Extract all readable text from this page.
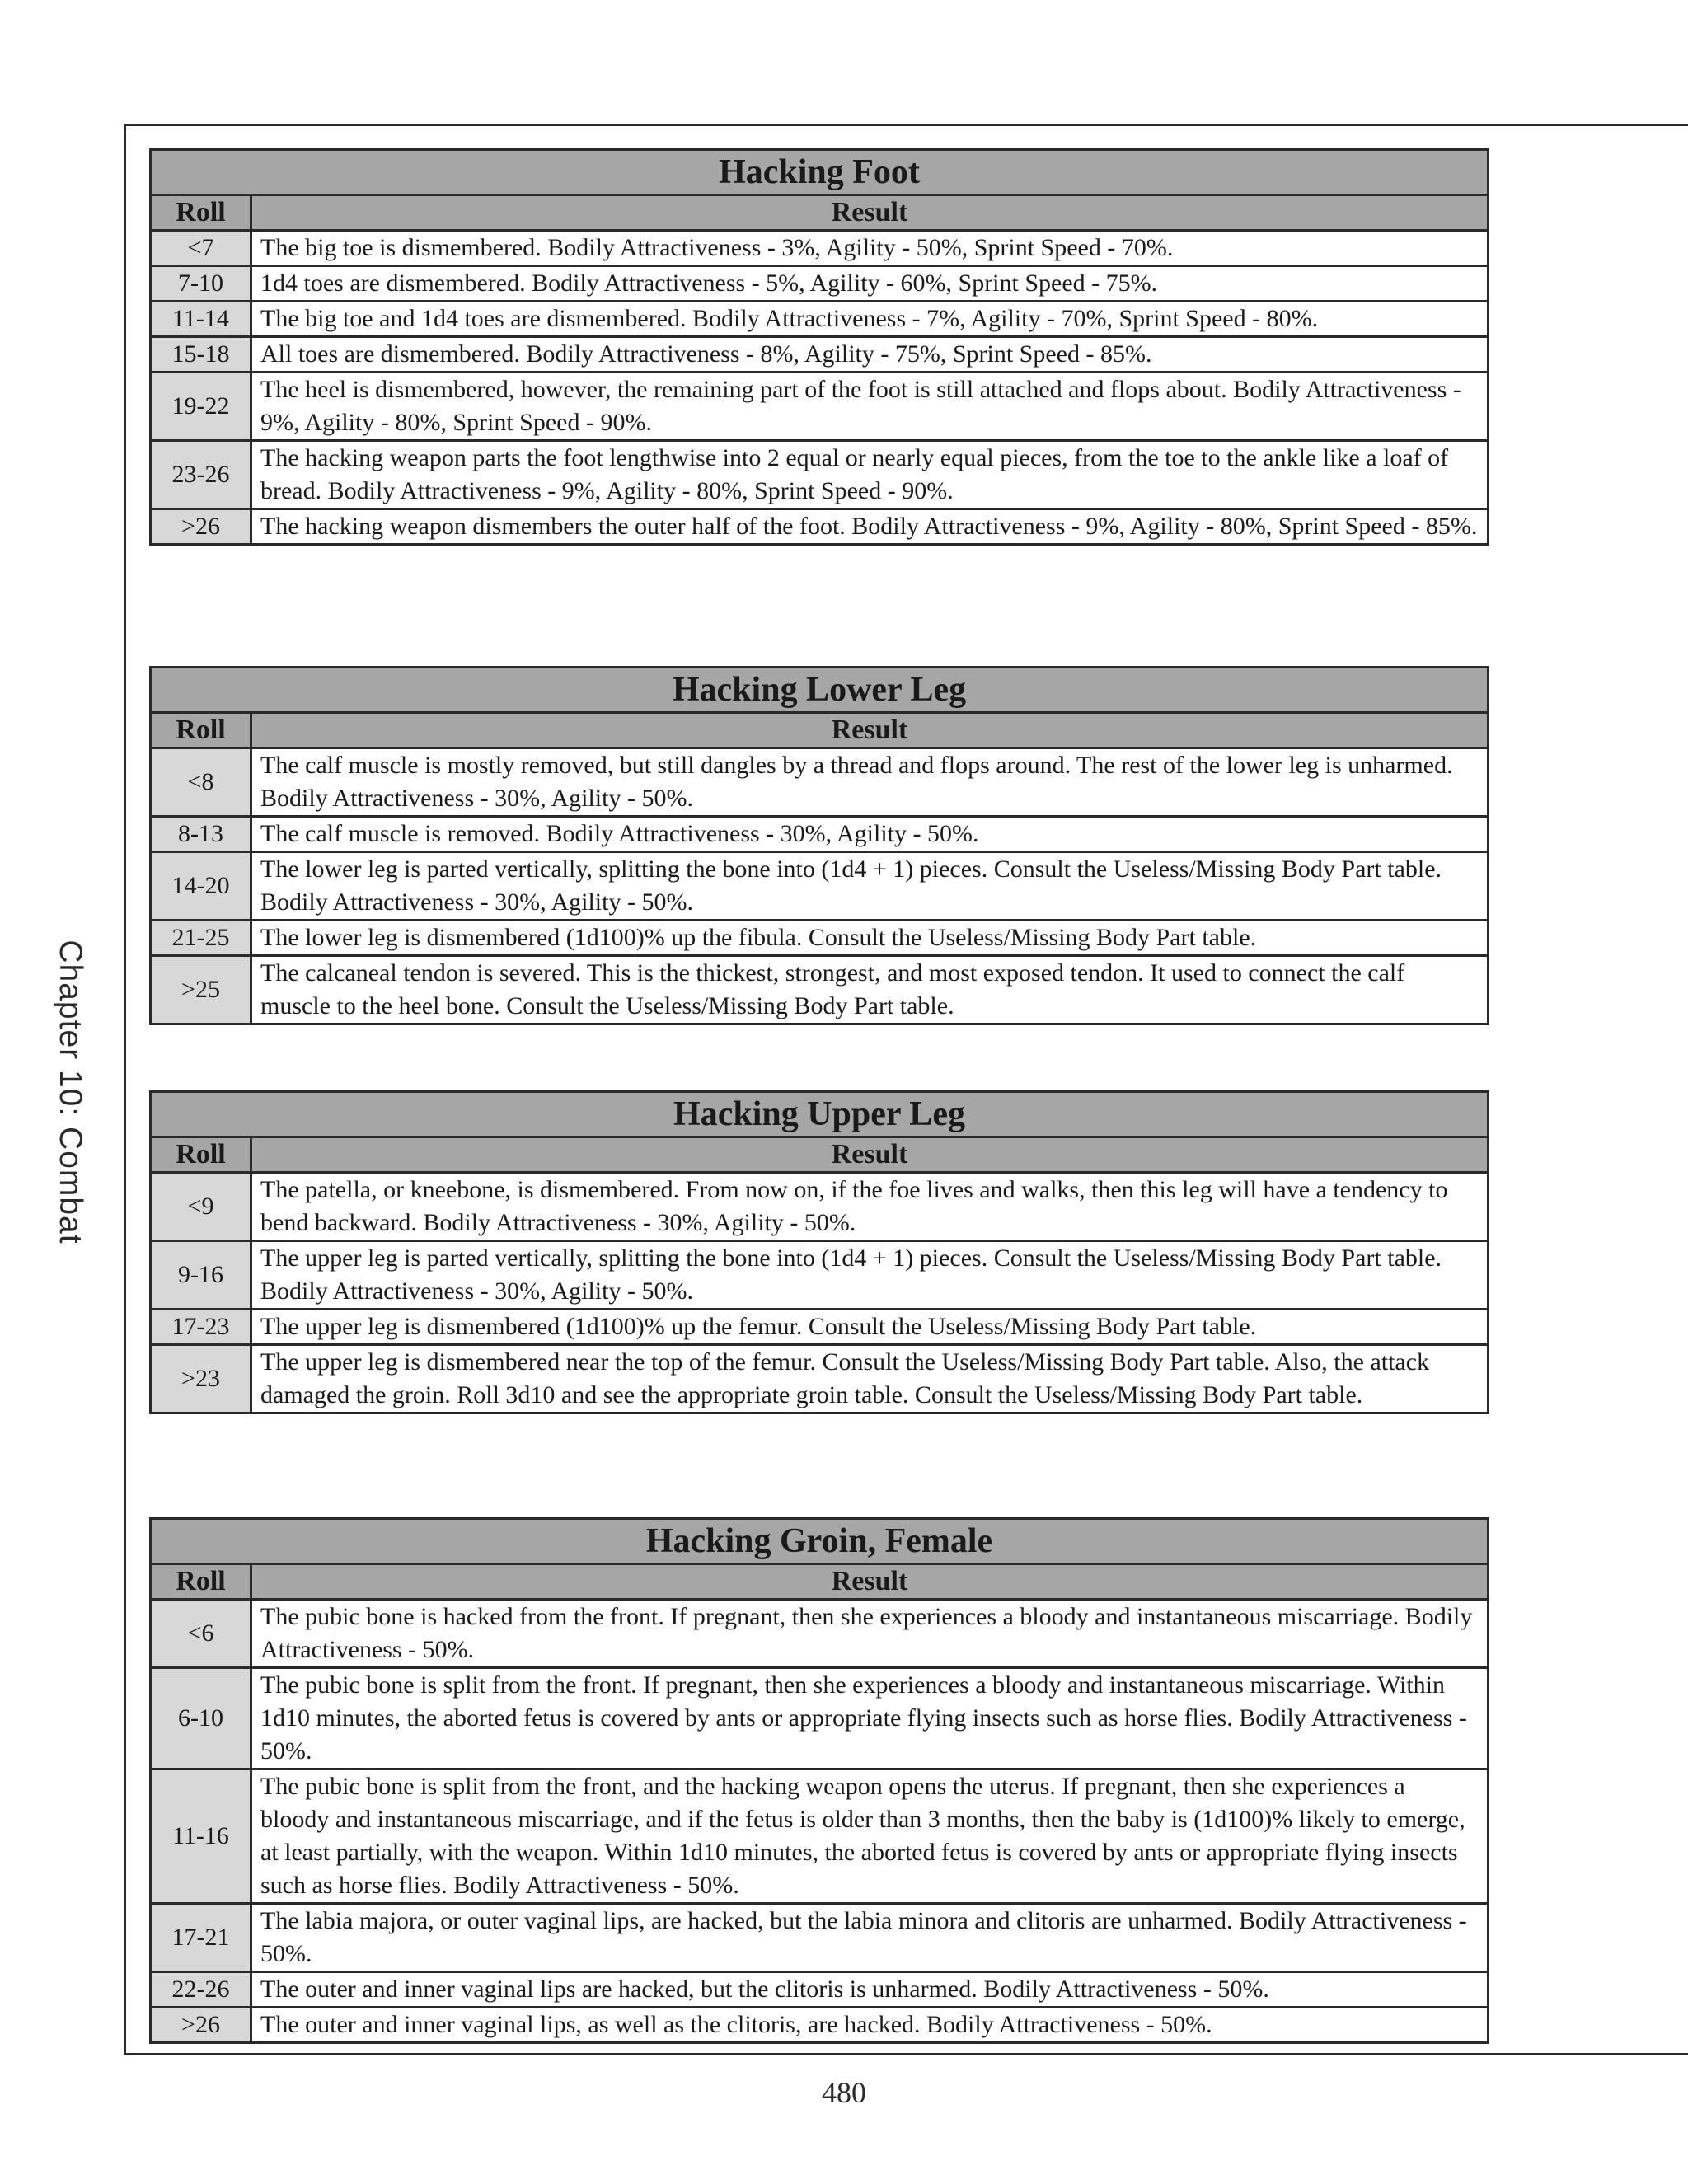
Chapter 10: Combat
Hacking Foot	
Roll	Result
<7	The big toe is dismembered. Bodily Attractiveness - 3%, Agility - 50%, Sprint Speed - 70%.
7-10	1d4 toes are dismembered. Bodily Attractiveness - 5%, Agility - 60%, Sprint Speed - 75%.
11-14	The big toe and 1d4 toes are dismembered. Bodily Attractiveness - 7%, Agility - 70%, Sprint Speed - 80%.
15-18	All toes are dismembered. Bodily Attractiveness - 8%, Agility - 75%, Sprint Speed - 85%.
19-22	The heel is dismembered, however, the remaining part of the foot is still attached and flops about. Bodily Attractiveness - 9%, Agility - 80%, Sprint Speed - 90%.
23-26	The hacking weapon parts the foot lengthwise into 2 equal or nearly equal pieces, from the toe to the ankle like a loaf of bread. Bodily Attractiveness - 9%, Agility - 80%, Sprint Speed - 90%.
>26	The hacking weapon dismembers the outer half of the foot. Bodily Attractiveness - 9%, Agility - 80%, Sprint Speed - 85%.
Hacking Lower Leg	
Roll	Result
<8	The calf muscle is mostly removed, but still dangles by a thread and flops around. The rest of the lower leg is unharmed. Bodily Attractiveness - 30%, Agility - 50%.
8-13	The calf muscle is removed. Bodily Attractiveness - 30%, Agility - 50%.
14-20	The lower leg is parted vertically, splitting the bone into (1d4 + 1) pieces. Consult the Useless/Missing Body Part table. Bodily Attractiveness - 30%, Agility - 50%.
21-25	The lower leg is dismembered (1d100)% up the fibula. Consult the Useless/Missing Body Part table.
>25	The calcaneal tendon is severed. This is the thickest, strongest, and most exposed tendon. It used to connect the calf muscle to the heel bone. Consult the Useless/Missing Body Part table.
Hacking Upper Leg	
Roll	Result
<9	The patella, or kneebone, is dismembered. From now on, if the foe lives and walks, then this leg will have a tendency to bend backward. Bodily Attractiveness - 30%, Agility - 50%.
9-16	The upper leg is parted vertically, splitting the bone into (1d4 + 1) pieces. Consult the Useless/Missing Body Part table. Bodily Attractiveness - 30%, Agility - 50%.
17-23	The upper leg is dismembered (1d100)% up the femur. Consult the Useless/Missing Body Part table.
>23	The upper leg is dismembered near the top of the femur. Consult the Useless/Missing Body Part table. Also, the attack damaged the groin. Roll 3d10 and see the appropriate groin table. Consult the Useless/Missing Body Part table.
Hacking Groin, Female	
Roll	Result
<6	The pubic bone is hacked from the front. If pregnant, then she experiences a bloody and instantaneous miscarriage. Bodily Attractiveness - 50%.
6-10	The pubic bone is split from the front. If pregnant, then she experiences a bloody and instantaneous miscarriage. Within 1d10 minutes, the aborted fetus is covered by ants or appropriate flying insects such as horse flies. Bodily Attractiveness - 50%.
11-16	The pubic bone is split from the front, and the hacking weapon opens the uterus. If pregnant, then she experiences a bloody and instantaneous miscarriage, and if the fetus is older than 3 months, then the baby is (1d100)% likely to emerge, at least partially, with the weapon. Within 1d10 minutes, the aborted fetus is covered by ants or appropriate flying insects such as horse flies. Bodily Attractiveness - 50%.
17-21	The labia majora, or outer vaginal lips, are hacked, but the labia minora and clitoris are unharmed. Bodily Attractiveness - 50%.
22-26	The outer and inner vaginal lips are hacked, but the clitoris is unharmed. Bodily Attractiveness - 50%.
>26	The outer and inner vaginal lips, as well as the clitoris, are hacked. Bodily Attractiveness - 50%.
480
